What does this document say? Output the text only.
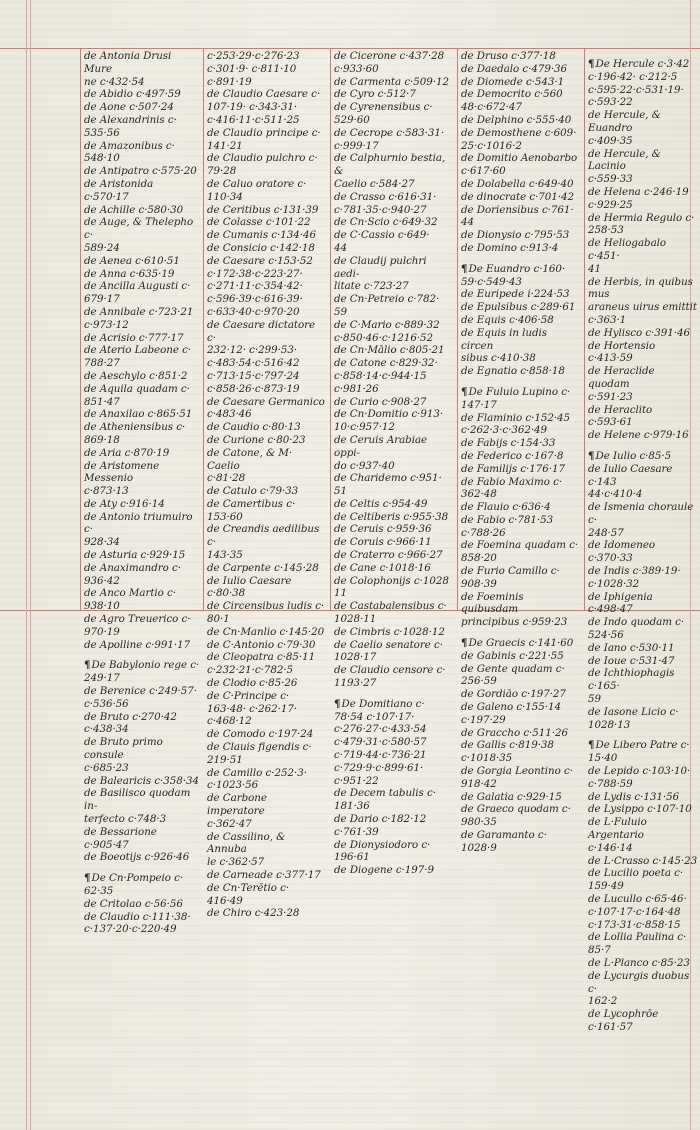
de Antonia Drusi Mure
ne c·432·54
de Abidio c·497·59
de Aone c·507·24
de Alexandrinis c·
535·56
de Amazonibus c·
548·10
de Antipatro c·575·20
de Aristonida c·570·17
de Achille c·580·30
de Auge, & Thelepho c·
589·24
de Aenea c·610·51
de Anna c·635·19
de Ancilla Augusti c·
679·17
de Annibale c·723·21
c·973·12
de Acrisio c·777·17
de Aterio Labeone c·
788·27
de Aeschylo c·851·2
de Aquila quadam c·
851·47
de Anaxilao c·865·51
de Atheniensibus c·
869·18
de Aria c·870·19
de Aristomene Messenio
c·873·13
de Aty c·916·14
de Antonio triumuiro c·
928·34
de Asturia c·929·15
de Anaximandro c·
936·42
de Anco Martio c·
938·10
de Agro Treuerico c·
970·19
de Apolline c·991·17
¶De Babylonio rege c·
249·17
de Berenice c·249·57·
c·536·56
de Bruto c·270·42
c·438·34
de Bruto primo consule
c·685·23
de Balearicis c·358·34
de Basilisco quodam in-
terfecto c·748·3
de Bessarione c·905·47
de Boeotijs c·926·46
¶De Cn·Pompeio c·
62·35
de Critolao c·56·56
de Claudio c·111·38·
c·137·20·c·220·49
c·253·29·c·276·23
c·301·9· c·811·10
c·891·19
de Claudio Caesare c·
107·19· c·343·31·
c·416·11·c·511·25
de Claudio principe c·
141·21
de Claudio pulchro c·
79·28
de Caluo oratore c·
110·34
de Ceritibus c·131·39
de Colasse c·101·22
de Cumanis c·134·46
de Consicio c·142·18
de Caesare c·153·52
c·172·38·c·223·27·
c·271·11·c·354·42·
c·596·39·c·616·39·
c·633·40·c·970·20
de Caesare dictatore c·
232·12· c·299·53·
c·483·54·c·516·42
c·713·15·c·797·24
c·858·26·c·873·19
de Caesare Germanico
c·483·46
de Caudio c·80·13
de Curione c·80·23
de Catone, & M· Caelio
c·81·28
de Catulo c·79·33
de Camertibus c·
153·60
de Creandis aedilibus c·
143·35
de Carpente c·145·28
de Iulio Caesare c·80·38
de Circensibus ludis c·
80·1
de Cn·Manlio c·145·20
de C·Antonio c·79·30
de Cleopatra c·85·11
c·232·21·c·782·5
de Clodio c·85·26
de C·Principe c·
163·48· c·262·17·
c·468·12
de Comodo c·197·24
de Clauis figendis c·
219·51
de Camillo c·252·3·
c·1023·56
de Carbone imperatore
c·362·47
de Cassilino, & Annuba
le c·362·57
de Carneade c·377·17
de Cn·Terētio c·
416·49
de Chiro c·423·28
de Cicerone c·437·28
c·933·60
de Carmenta c·509·12
de Cyro c·512·7
de Cyrenensibus c·
529·60
de Cecrope c·583·31·
c·999·17
de Calphurnio bestia, &
Caelio c·584·27
de Crasso c·616·31·
c·781·35·c·940·27
de Cn·Scio c·649·32
de C·Cassio c·649·
44
de Claudij pulchri aedi-
litate c·723·27
de Cn·Petreio c·782·
59
de C·Mario c·889·32
c·850·46·c·1216·52
de Cn·Mālio c·805·21
de Catone c·829·32·
c·858·14·c·944·15
c·981·26
de Curio c·908·27
de Cn·Domitio c·913·
10·c·957·12
de Ceruis Arabiae oppi-
do c·937·40
de Charidemo c·951·
51
de Celtis c·954·49
de Celtiberis c·955·38
de Ceruis c·959·36
de Coruis c·966·11
de Craterro c·966·27
de Cane c·1018·16
de Colophonijs c·1028
11
de Castabalensibus c·
1028·11
de Cimbris c·1028·12
de Caelio senatore c·
1028·17
de Claudio censore c·
1193·27
¶De Domitiano c·
78·54 c·107·17·
c·276·27·c·433·54
c·479·31·c·580·57
c·719·44·c·736·21
c·729·9·c·899·61·
c·951·22
de Decem tabulis c·
181·36
de Dario c·182·12
c·761·39
de Dionysiodoro c·
196·61
de Diogene c·197·9
de Druso c·377·18
de Daedalo c·479·36
de Diomede c·543·1
de Democrito c·560
48·c·672·47
de Delphino c·555·40
de Demosthene c·609·
25·c·1016·2
de Domitio Aenobarbo
c·617·60
de Dolabella c·649·40
de dinocrate c·701·42
de Doriensibus c·761·
44
de Dionysio c·795·53
de Domino c·913·4
¶De Euandro c·160·
59·c·549·43
de Euripede i·224·53
de Epulsibus c·289·61
de Equis c·406·58
de Equis in ludis circen
sibus c·410·38
de Egnatio c·858·18
¶De Fuluio Lupino c·
147·17
de Flaminio c·152·45
c·262·3·c·362·49
de Fabijs c·154·33
de Federico c·167·8
de Familijs c·176·17
de Fabio Maximo c·
362·48
de Flauio c·636·4
de Fabio c·781·53
c·788·26
de Foemina quadam c·
858·20
de Furio Camillo c·
908·39
de Foeminis quibusdam
principibus c·959·23
¶De Graecis c·141·60
de Gabinis c·221·55
de Gente quadam c·
256·59
de Gordiāo c·197·27
de Galeno c·155·14
c·197·29
de Graccho c·511·26
de Gallis c·819·38
c·1018·35
de Gorgia Leontino c·
918·42
de Galatia c·929·15
de Graeco quodam c·
980·35
de Garamanto c·
1028·9
¶De Hercule c·3·42
c·196·42· c·212·5
c·595·22·c·531·19·
c·593·22
de Hercule, & Euandro
c·409·35
de Hercule, & Lacinio
c·559·33
de Helena c·246·19
c·929·25
de Hermia Regulo c·
258·53
de Heliogabalo c·451·
41
de Herbis, in quibus mus
araneus uirus emittit
c·363·1
de Hylisco c·391·46
de Hortensio c·413·59
de Heraclide quodam
c·591·23
de Heraclito c·593·61
de Helene c·979·16
¶De Iulio c·85·5
de Iulio Caesare c·143
44·c·410·4
de Ismenia choraule c·
248·57
de Idomeneo c·370·33
de Indis c·389·19·
c·1028·32
de Iphigenia c·498·47
de Indo quodam c·
524·56
de Iano c·530·11
de Ioue c·531·47
de Ichthiophagis c·165·
59
de Iasone Licio c·
1028·13
¶De Libero Patre c·
15·40
de Lepido c·103·10·
c·788·59
de Lydis c·131·56
de Lysippo c·107·10
de L·Fuluio Argentario
c·146·14
de L·Crasso c·145·23
de Lucilio poeta c·
159·49
de Lucullo c·65·46·
c·107·17·c·164·48
c·173·31·c·858·15
de Lollia Paulina c·
85·7
de L·Planco c·85·23
de Lycurgis duobus c·
162·2
de Lycophrōe c·161·57
